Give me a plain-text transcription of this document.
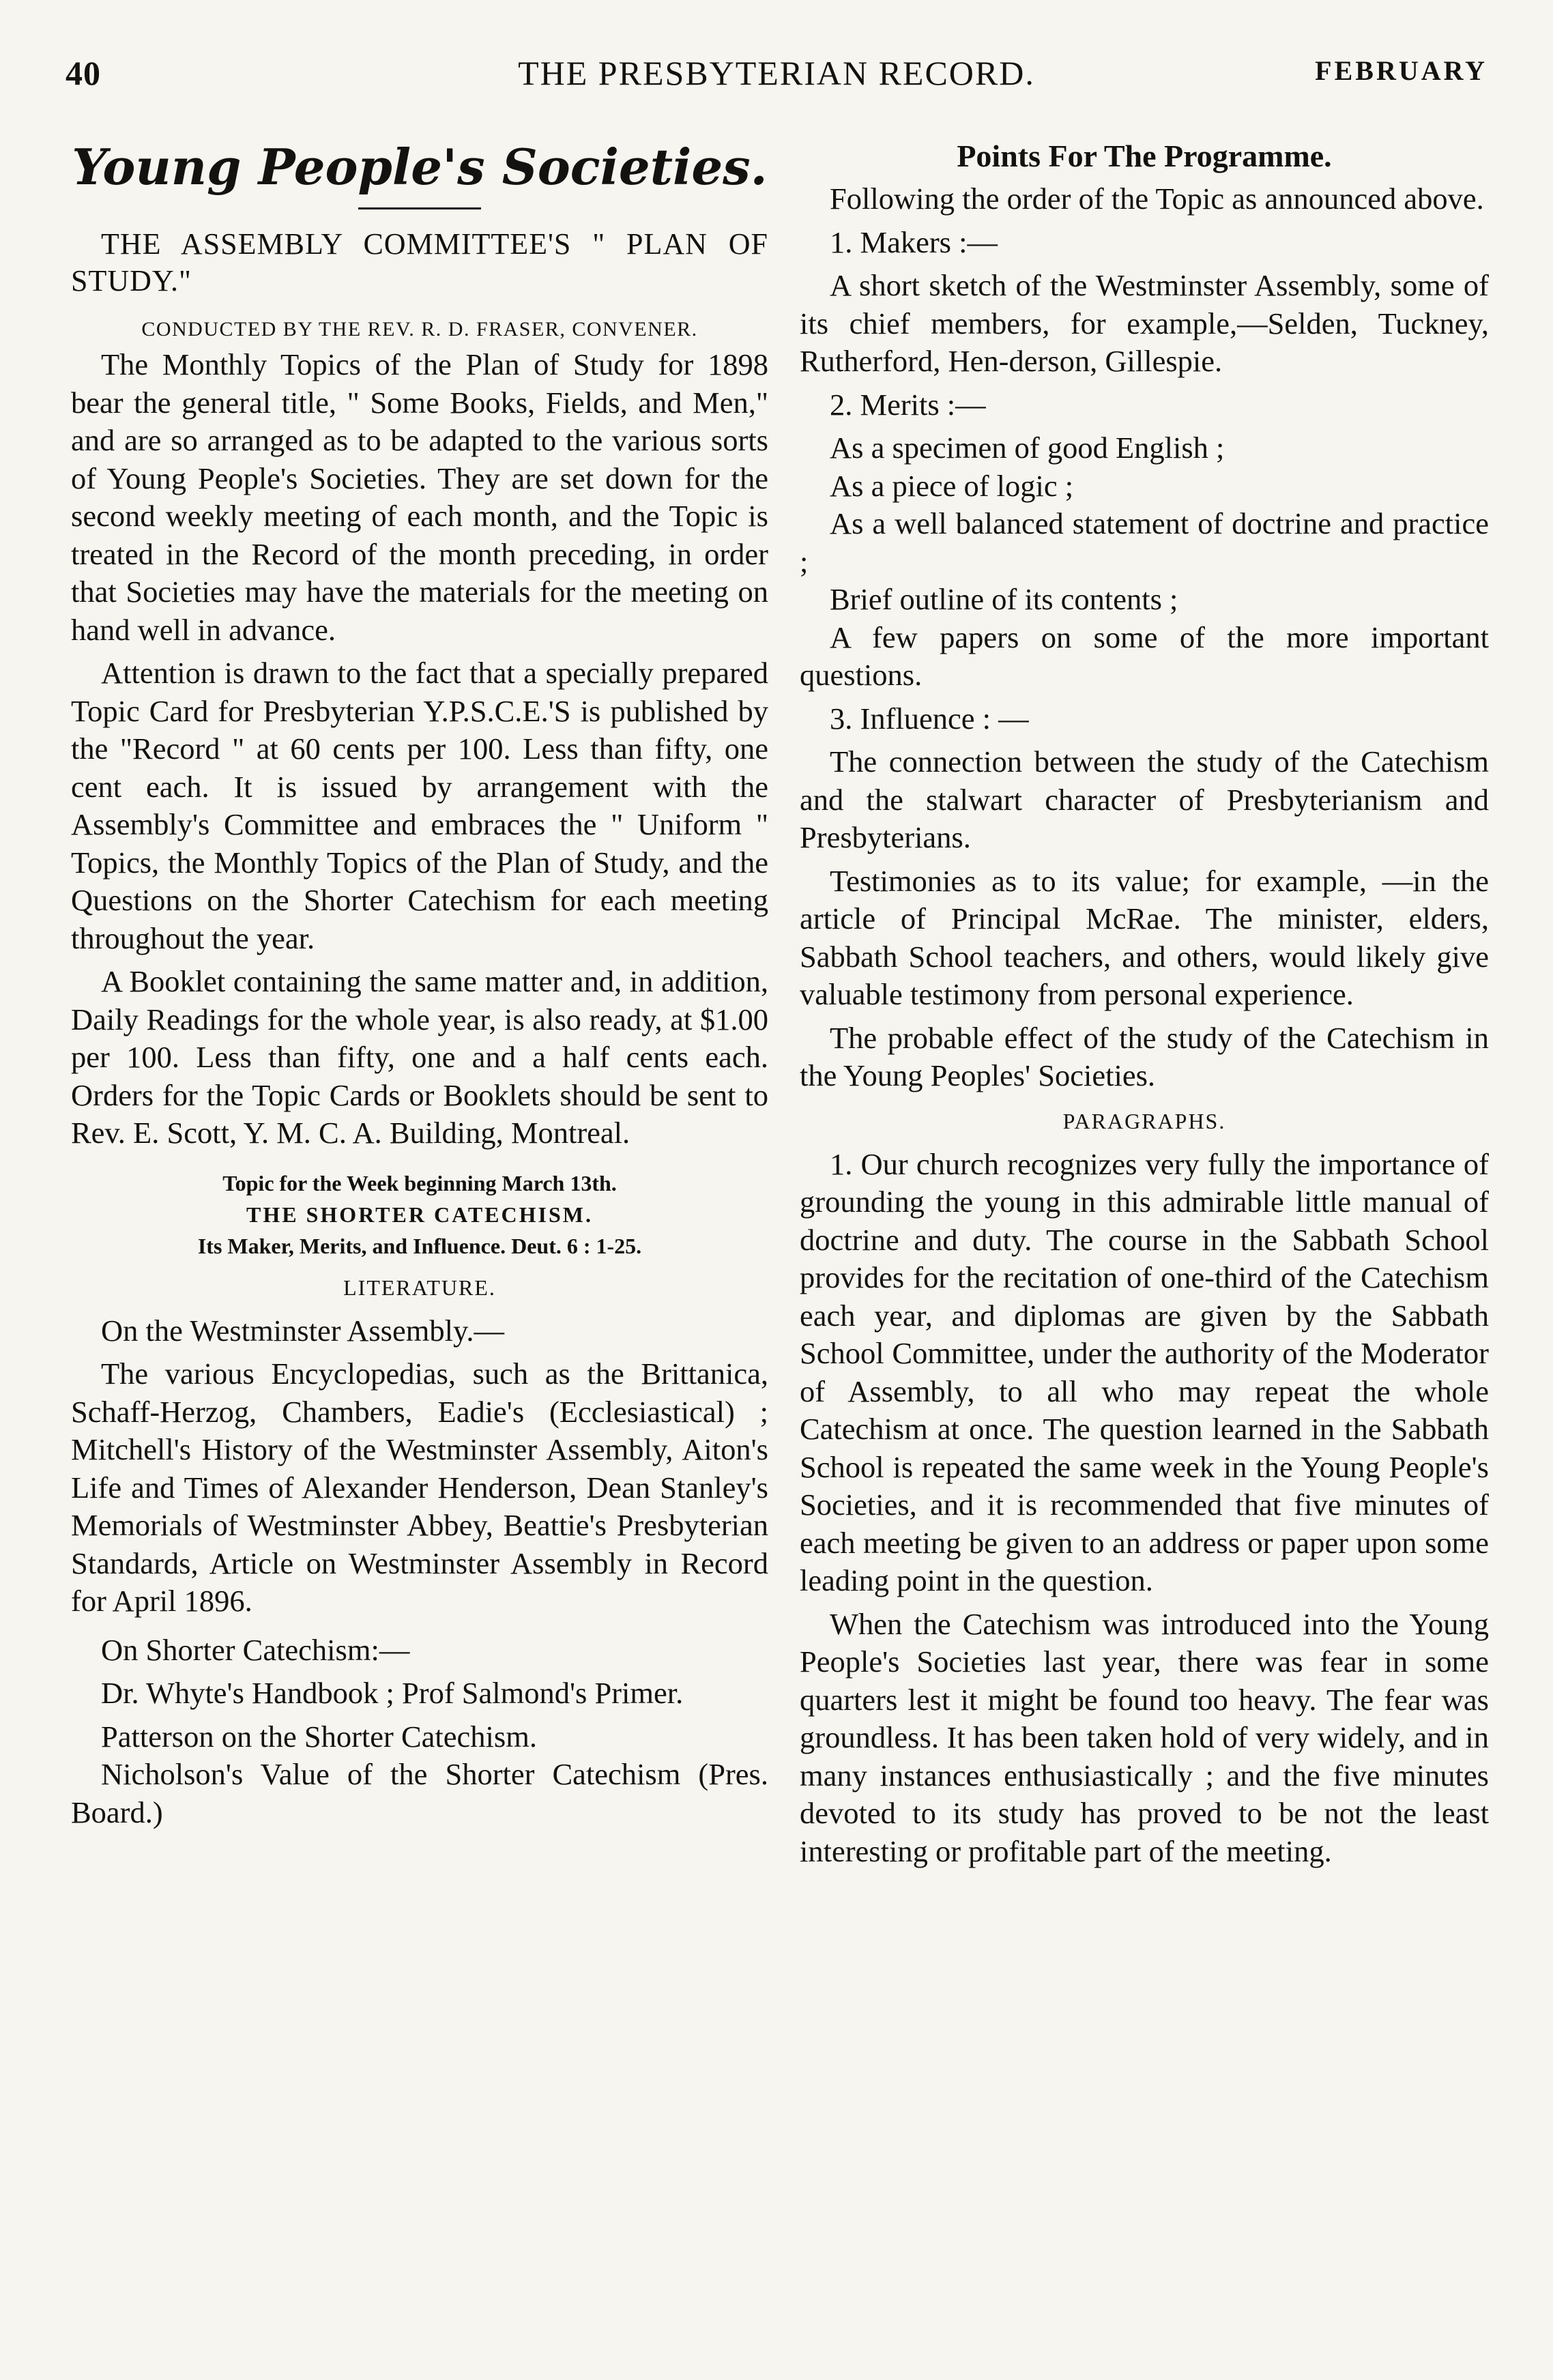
40	THE PRESBYTERIAN RECORD.	FEBRUARY
Young People's Societies.

THE ASSEMBLY COMMITTEE'S " PLAN OF STUDY."

CONDUCTED BY THE REV. R. D. FRASER, CONVENER.

The Monthly Topics of the Plan of Study for 1898 bear the general title, " Some Books, Fields, and Men," and are so arranged as to be adapted to the various sorts of Young People's Societies. They are set down for the second weekly meeting of each month, and the Topic is treated in the Record of the month preceding, in order that Societies may have the materials for the meeting on hand well in advance.

Attention is drawn to the fact that a specially prepared Topic Card for Presbyterian Y.P.S.C.E.'S is published by the "Record " at 60 cents per 100. Less than fifty, one cent each. It is issued by arrangement with the Assembly's Committee and embraces the " Uniform " Topics, the Monthly Topics of the Plan of Study, and the Questions on the Shorter Catechism for each meeting throughout the year.

A Booklet containing the same matter and, in addition, Daily Readings for the whole year, is also ready, at $1.00 per 100. Less than fifty, one and a half cents each. Orders for the Topic Cards or Booklets should be sent to Rev. E. Scott, Y. M. C. A. Building, Montreal.

Topic for the Week beginning March 13th.
THE SHORTER CATECHISM.
Its Maker, Merits, and Influence. Deut. 6 : 1-25.
LITERATURE.

On the Westminster Assembly.—

The various Encyclopedias, such as the Brittanica, Schaff-Herzog, Chambers, Eadie's (Ecclesiastical) ; Mitchell's History of the Westminster Assembly, Aiton's Life and Times of Alexander Henderson, Dean Stanley's Memorials of Westminster Abbey, Beattie's Presbyterian Standards, Article on Westminster Assembly in Record for April 1896.

On Shorter Catechism:—

Dr. Whyte's Handbook ; Prof Salmond's Primer.

Patterson on the Shorter Catechism.

Nicholson's Value of the Shorter Catechism (Pres. Board.)

Points For The Programme.

Following the order of the Topic as announced above.

1. Makers :—

A short sketch of the Westminster Assembly, some of its chief members, for example,—Selden, Tuckney, Rutherford, Hen-derson, Gillespie.

2. Merits :—

As a specimen of good English ;

As a piece of logic ;

As a well balanced statement of doctrine and practice ;

Brief outline of its contents ;

A few papers on some of the more important questions.

3. Influence : —

The connection between the study of the Catechism and the stalwart character of Presbyterianism and Presbyterians.

Testimonies as to its value; for example, —in the article of Principal McRae. The minister, elders, Sabbath School teachers, and others, would likely give valuable testimony from personal experience.

The probable effect of the study of the Catechism in the Young Peoples' Societies.

PARAGRAPHS.

1. Our church recognizes very fully the importance of grounding the young in this admirable little manual of doctrine and duty. The course in the Sabbath School provides for the recitation of one-third of the Catechism each year, and diplomas are given by the Sabbath School Committee, under the authority of the Moderator of Assembly, to all who may repeat the whole Catechism at once. The question learned in the Sabbath School is repeated the same week in the Young People's Societies, and it is recommended that five minutes of each meeting be given to an address or paper upon some leading point in the question.

When the Catechism was introduced into the Young People's Societies last year, there was fear in some quarters lest it might be found too heavy. The fear was groundless. It has been taken hold of very widely, and in many instances enthusiastically ; and the five minutes devoted to its study has proved to be not the least interesting or profitable part of the meeting.
